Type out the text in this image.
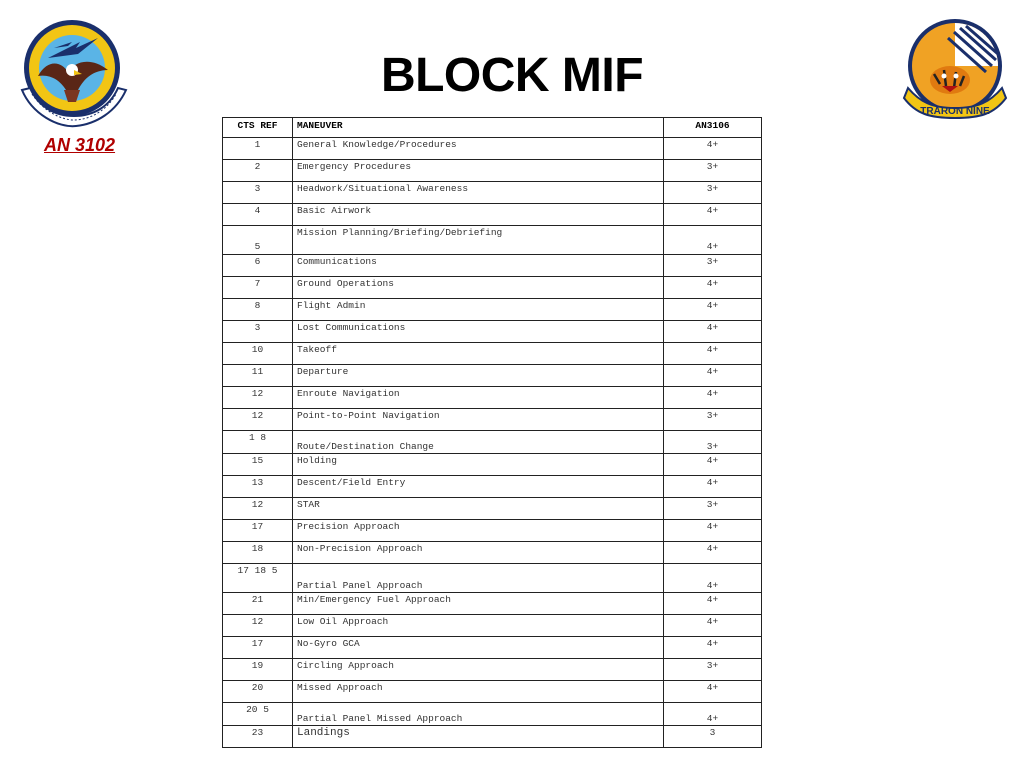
TRARON NINE
BLOCK MIF
AN 3102
CTS REF	MANEUVER	AN3106
1	General Knowledge/Procedures	4+
2	Emergency Procedures	3+
3	Headwork/Situational Awareness	3+
4	Basic Airwork	4+
5	Mission Planning/Briefing/Debriefing	4+
6	Communications	3+
7	Ground Operations	4+
8	Flight Admin	4+
3	Lost Communications	4+
10	Takeoff	4+
11	Departure	4+
12	Enroute Navigation	4+
12	Point-to-Point Navigation	3+
1 8	Route/Destination Change	3+
15	Holding	4+
13	Descent/Field Entry	4+
12	STAR	3+
17	Precision Approach	4+
18	Non-Precision Approach	4+
17 18 5	Partial Panel Approach	4+
21	Min/Emergency Fuel Approach	4+
12	Low Oil Approach	4+
17	No-Gyro GCA	4+
19	Circling Approach	3+
20	Missed Approach	4+
20 5	Partial Panel Missed Approach	4+
23	Landings	3
